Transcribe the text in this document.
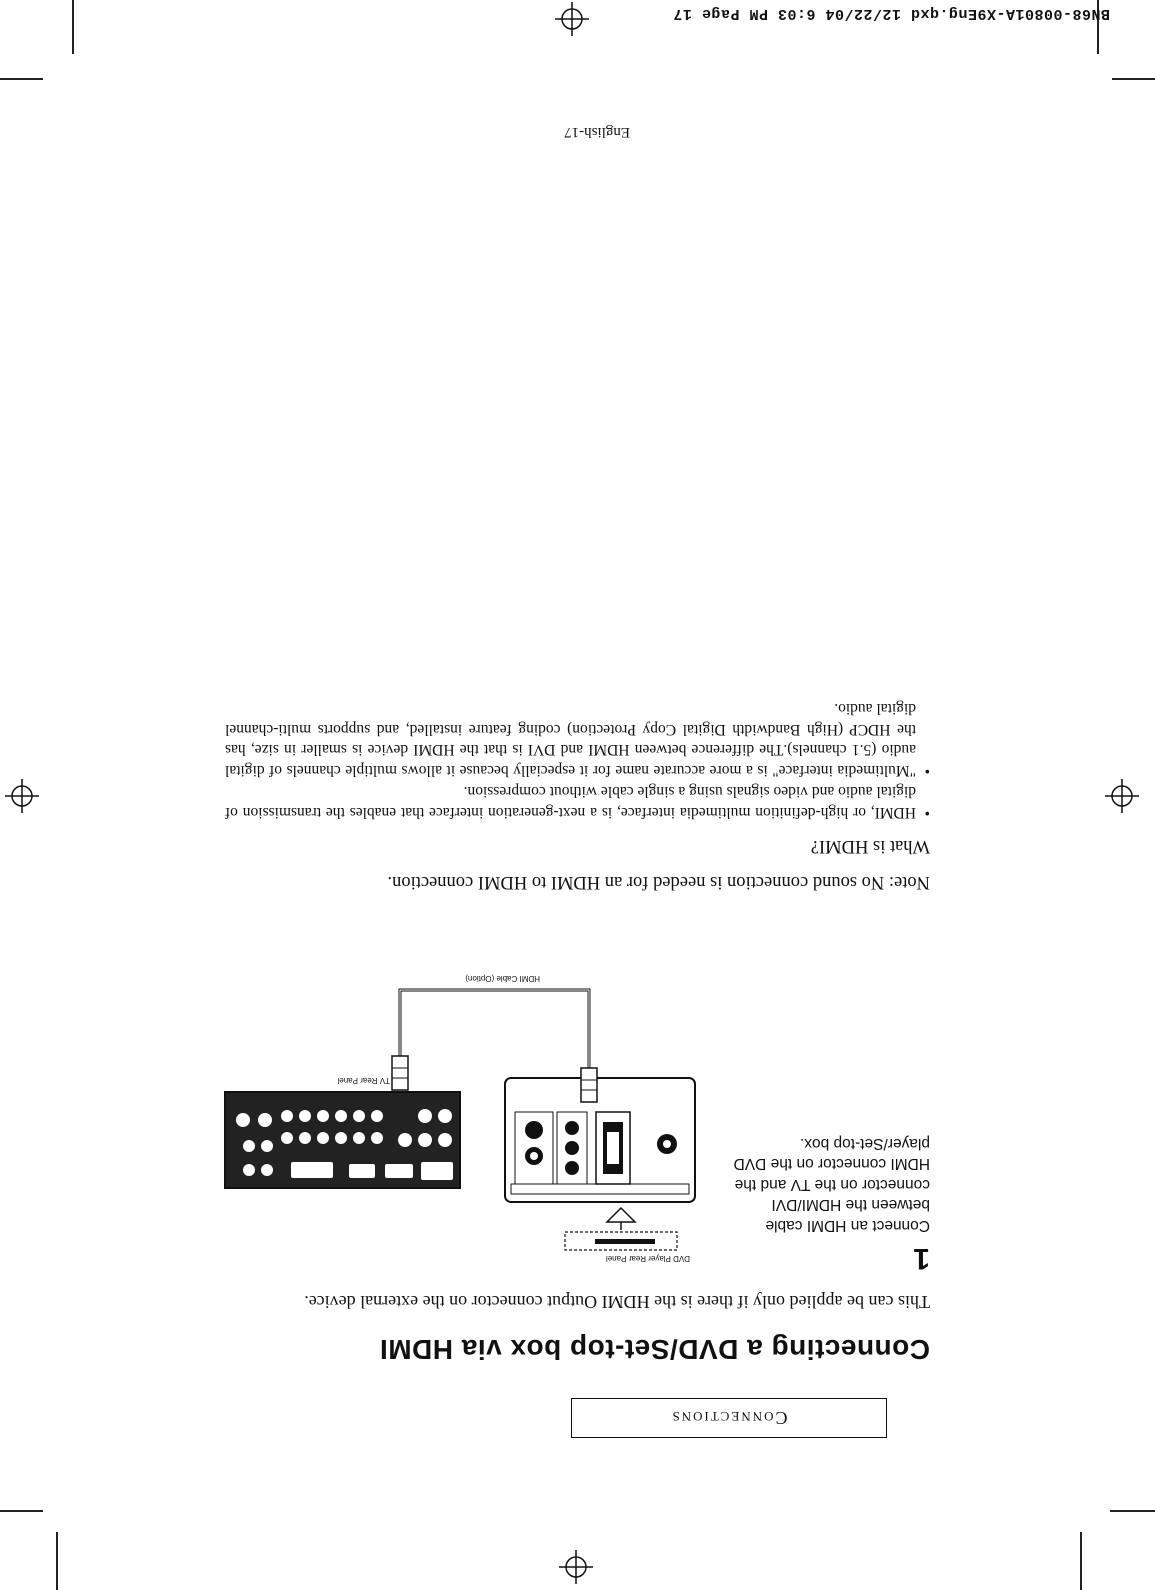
BN68-00801A-X9Eng.qxd 12/22/04 6:03 PM Page 17
Connections
Connecting a DVD/Set-top box via HDMI
This can be applied only if there is the HDMI Output connector on the external device.
1
Connect an HDMI cable between the HDMI/DVI connector on the TV and the HDMI connector on the DVD player/Set-top box.
DVD Player Rear Panel
HDMI Cable (Option)
TV Rear Panel
Note: No sound connection is needed for an HDMI to HDMI connection.
What is HDMI?
• HDMI, or high-definition multimedia interface, is a next-generation interface that enables the transmission of digital audio and video signals using a single cable without compression.
• "Multimedia interface" is a more accurate name for it especially because it allows multiple channels of digital audio (5.1 channels).The difference between HDMI and DVI is that the HDMI device is smaller in size, has the HDCP (High Bandwidth Digital Copy Protection) coding feature installed, and supports multi-channel digital audio.
English-17
